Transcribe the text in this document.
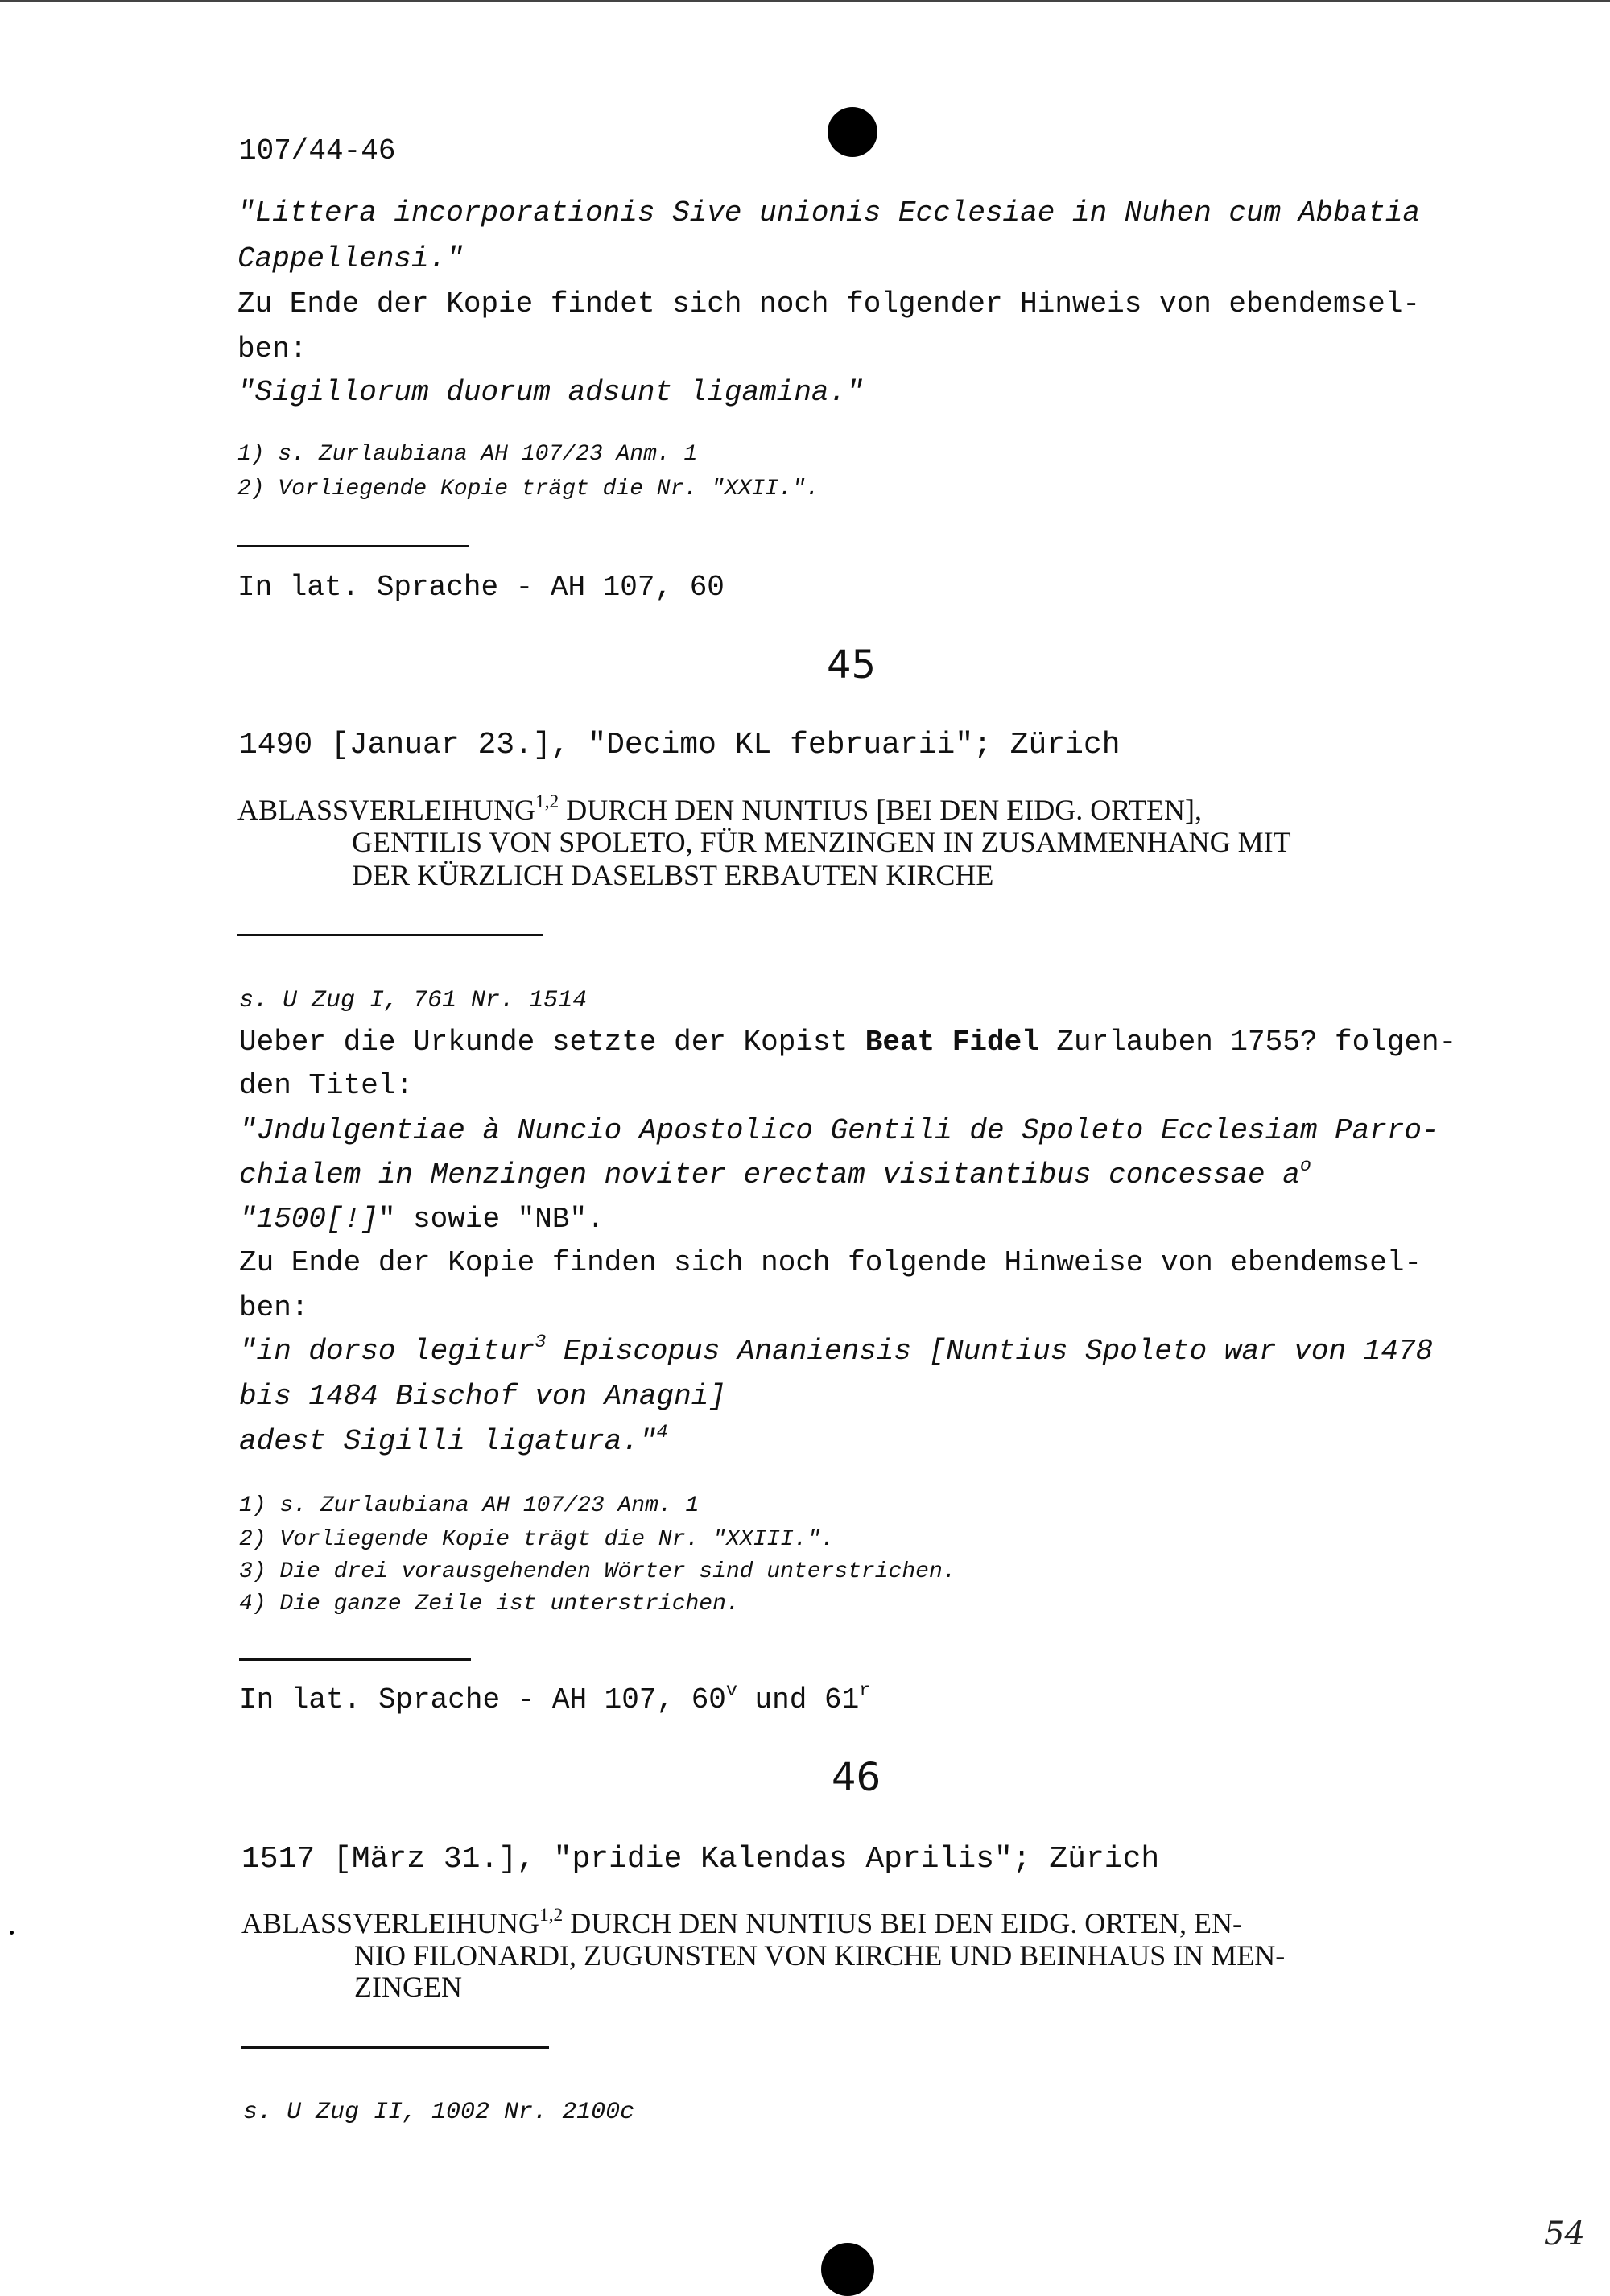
107/44-46
"Littera incorporationis Sive unionis Ecclesiae in Nuhen cum Abbatia
Cappellensi."
Zu Ende der Kopie findet sich noch folgender Hinweis von ebendemsel-
ben:
"Sigillorum duorum adsunt ligamina."
1) s. Zurlaubiana AH 107/23 Anm. 1
2) Vorliegende Kopie trägt die Nr. "XXII.".
In lat. Sprache - AH 107, 60
45
1490 [Januar 23.], "Decimo KL februarii"; Zürich
ABLASSVERLEIHUNG$^{1,2}$ DURCH DEN NUNTIUS [BEI DEN EIDG. ORTEN],
GENTILIS VON SPOLETO, FÜR MENZINGEN IN ZUSAMMENHANG MIT
DER KÜRZLICH DASELBST ERBAUTEN KIRCHE
s. U Zug I, 761 Nr. 1514
Ueber die Urkunde setzte der Kopist Beat Fidel Zurlauben 1755? folgen-
den Titel:
"Jndulgentiae à Nuncio Apostolico Gentili de Spoleto Ecclesiam Parro-
chialem in Menzingen noviter erectam visitantibus concessae $a^o$
"1500[!]" sowie "NB".
Zu Ende der Kopie finden sich noch folgende Hinweise von ebendemsel-
ben:
"in dorso legitur$^3$ Episcopus Ananiensis [Nuntius Spoleto war von 1478
bis 1484 Bischof von Anagni]
adest Sigilli ligatura."$^4$
1) s. Zurlaubiana AH 107/23 Anm. 1
2) Vorliegende Kopie trägt die Nr. "XXIII.".
3) Die drei vorausgehenden Wörter sind unterstrichen.
4) Die ganze Zeile ist unterstrichen.
In lat. Sprache - AH 107, 60$^v$ und 61$^r$
46
1517 [März 31.], "pridie Kalendas Aprilis"; Zürich
ABLASSVERLEIHUNG$^{1,2}$ DURCH DEN NUNTIUS BEI DEN EIDG. ORTEN, EN-
NIO FILONARDI, ZUGUNSTEN VON KIRCHE UND BEINHAUS IN MEN-
ZINGEN
s. U Zug II, 1002 Nr. 2100c
54
